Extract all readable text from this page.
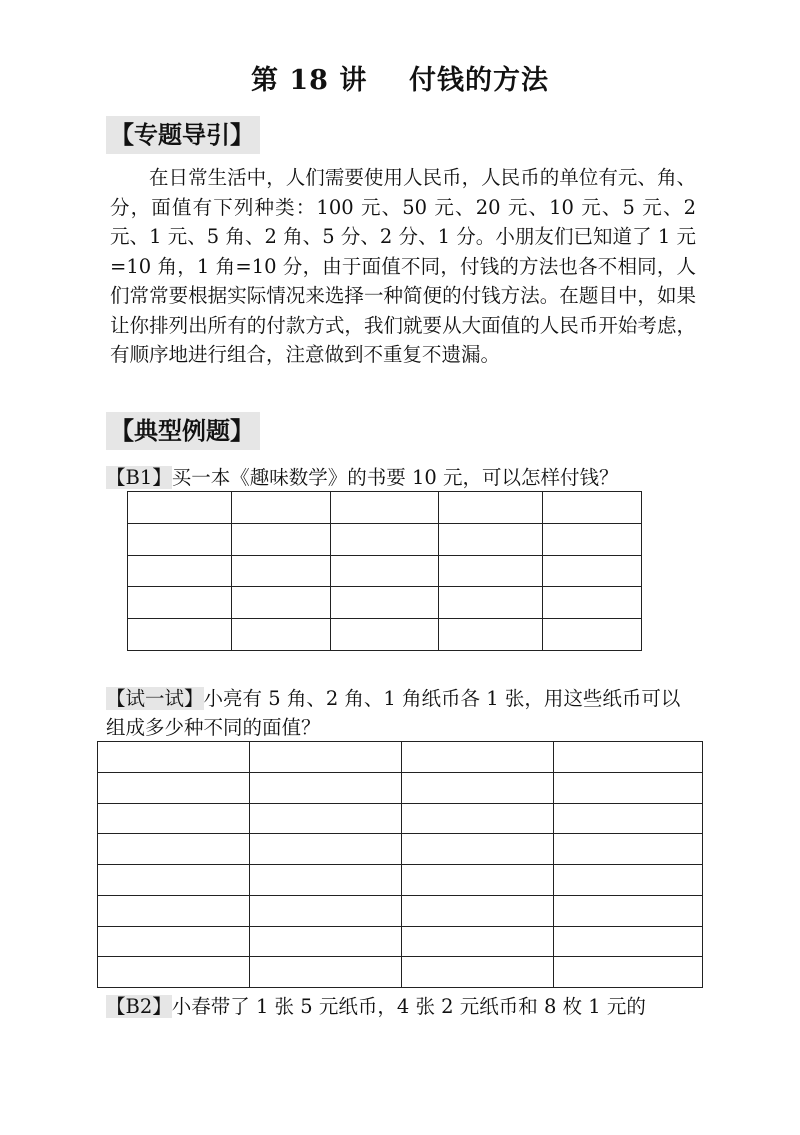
第 18 讲    付钱的方法
【专题导引】
在日常生活中，人们需要使用人民币，人民币的单位有元、角、分，面值有下列种类：100 元、50 元、20 元、10 元、5 元、2 元、1 元、5 角、2 角、5 分、2 分、1 分。小朋友们已知道了 1 元=10 角，1 角=10 分，由于面值不同，付钱的方法也各不相同，人们常常要根据实际情况来选择一种简便的付钱方法。在题目中，如果让你排列出所有的付款方式，我们就要从大面值的人民币开始考虑，有顺序地进行组合，注意做到不重复不遗漏。
【典型例题】
【B1】买一本《趣味数学》的书要 10 元，可以怎样付钱？

【试一试】小亮有 5 角、2 角、1 角纸币各 1 张，用这些纸币可以组成多少种不同的面值？

【B2】小春带了 1 张 5 元纸币，4 张 2 元纸币和 8 枚 1 元的
